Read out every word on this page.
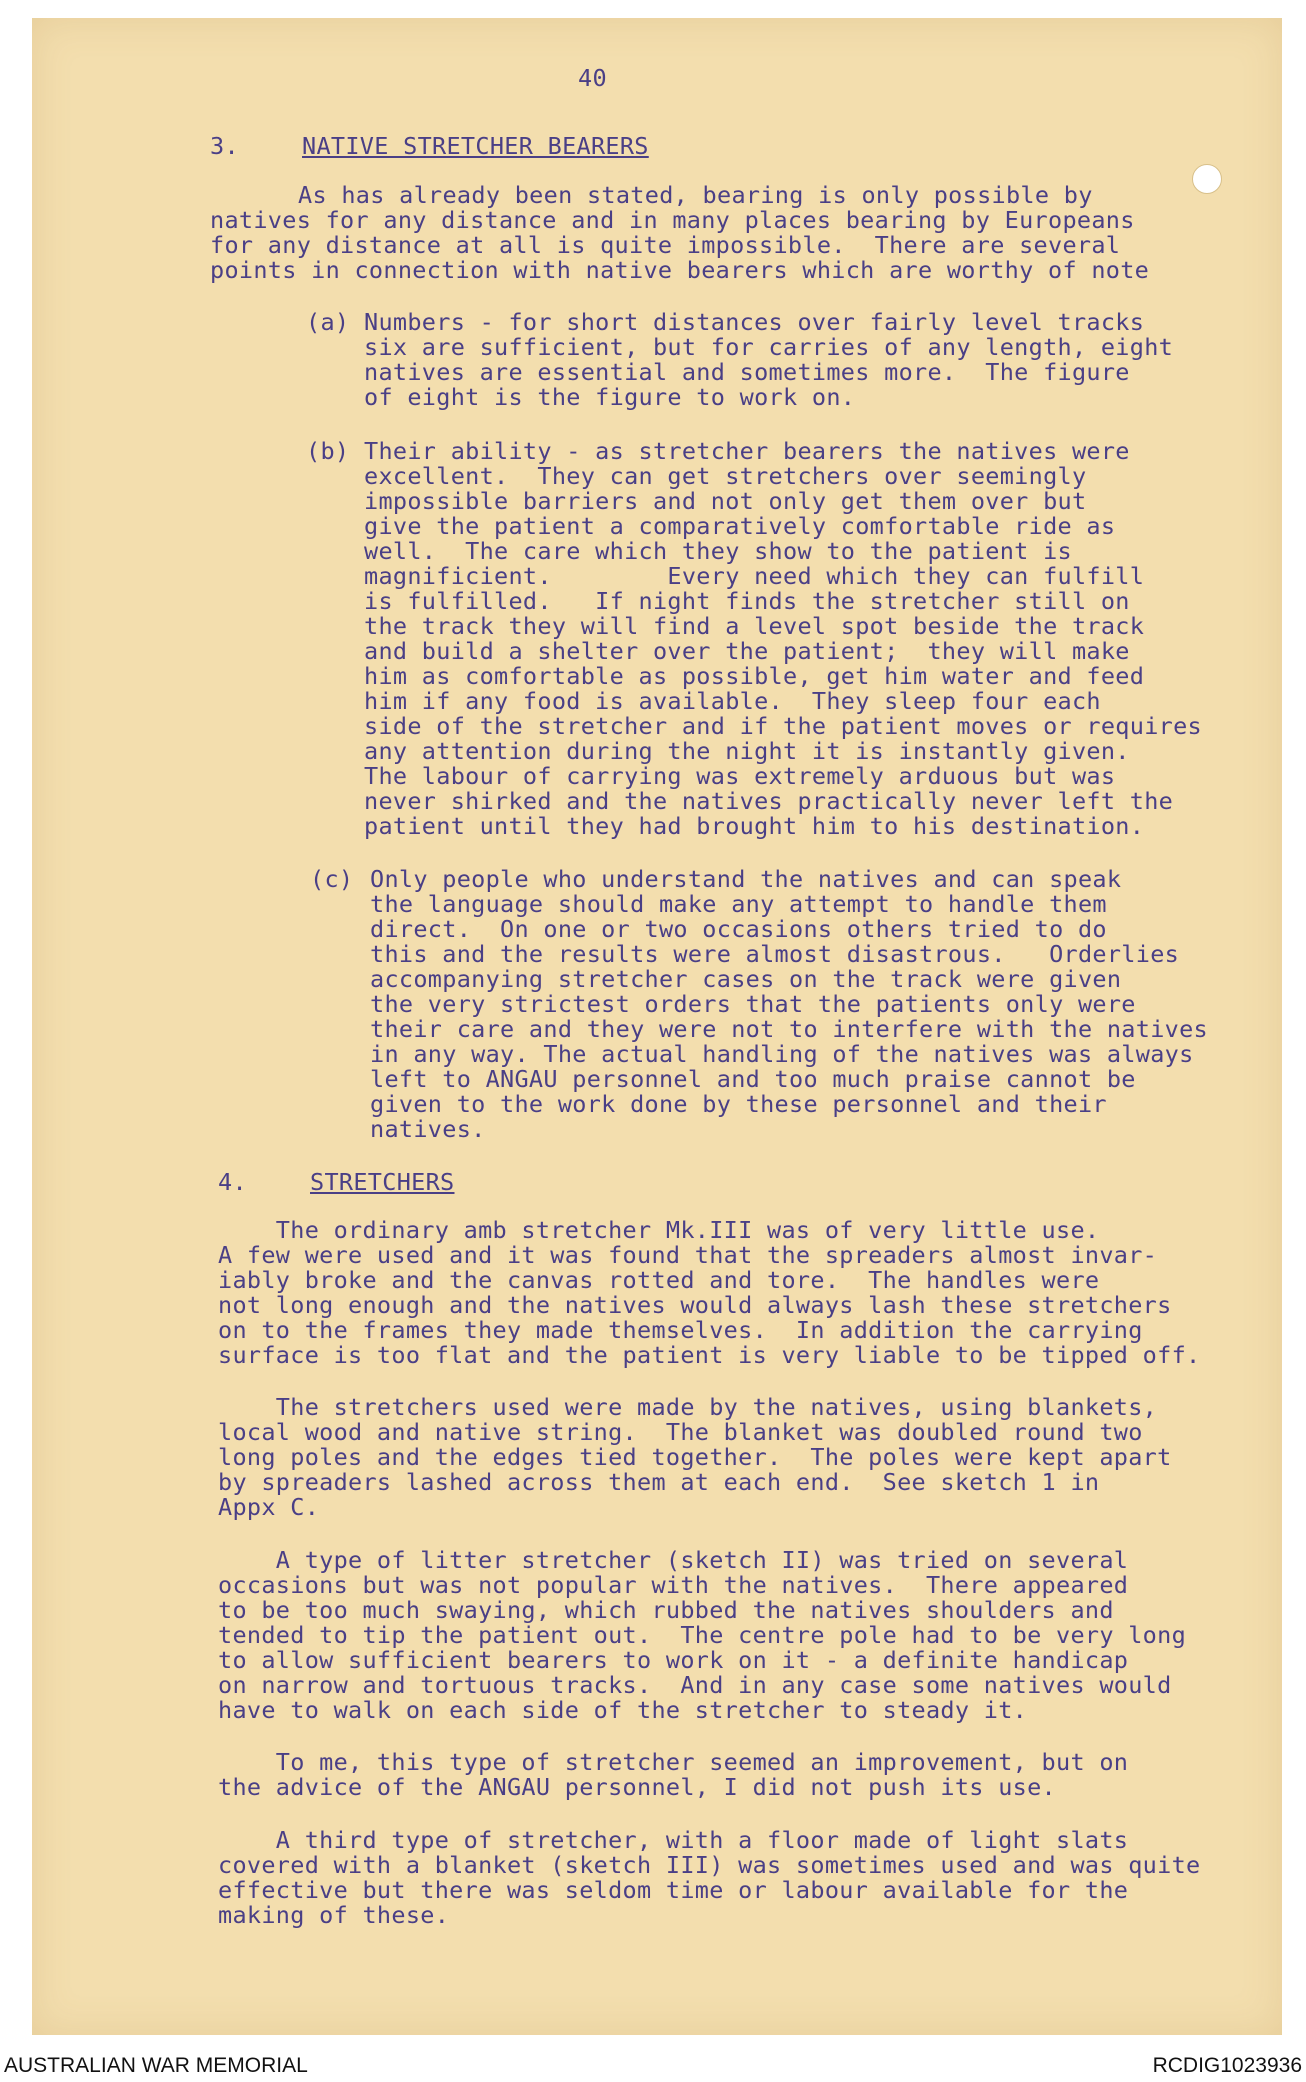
40
3.	NATIVE STRETCHER BEARERS
As has already been stated, bearing is only possible by
natives for any distance and in many places bearing by Europeans
for any distance at all is quite impossible.  There are several
points in connection with native bearers which are worthy of note
(a) Numbers - for short distances over fairly level tracks
six are sufficient, but for carries of any length, eight
natives are essential and sometimes more.  The figure
of eight is the figure to work on.
(b) Their ability - as stretcher bearers the natives were
excellent.  They can get stretchers over seemingly
impossible barriers and not only get them over but
give the patient a comparatively comfortable ride as
well.  The care which they show to the patient is
magnificient.        Every need which they can fulfill
is fulfilled.   If night finds the stretcher still on
the track they will find a level spot beside the track
and build a shelter over the patient;  they will make
him as comfortable as possible, get him water and feed
him if any food is available.  They sleep four each
side of the stretcher and if the patient moves or requires
any attention during the night it is instantly given.
The labour of carrying was extremely arduous but was
never shirked and the natives practically never left the
patient until they had brought him to his destination.
(c) Only people who understand the natives and can speak
the language should make any attempt to handle them
direct.  On one or two occasions others tried to do
this and the results were almost disastrous.   Orderlies
accompanying stretcher cases on the track were given
the very strictest orders that the patients only were
their care and they were not to interfere with the natives
in any way. The actual handling of the natives was always
left to ANGAU personnel and too much praise cannot be
given to the work done by these personnel and their
natives.
4.	STRETCHERS
The ordinary amb stretcher Mk.III was of very little use.
A few were used and it was found that the spreaders almost invar-
iably broke and the canvas rotted and tore.  The handles were
not long enough and the natives would always lash these stretchers
on to the frames they made themselves.  In addition the carrying
surface is too flat and the patient is very liable to be tipped off.
The stretchers used were made by the natives, using blankets,
local wood and native string.  The blanket was doubled round two
long poles and the edges tied together.  The poles were kept apart
by spreaders lashed across them at each end.  See sketch 1 in
Appx C.
A type of litter stretcher (sketch II) was tried on several
occasions but was not popular with the natives.  There appeared
to be too much swaying, which rubbed the natives shoulders and
tended to tip the patient out.  The centre pole had to be very long
to allow sufficient bearers to work on it - a definite handicap
on narrow and tortuous tracks.  And in any case some natives would
have to walk on each side of the stretcher to steady it.
To me, this type of stretcher seemed an improvement, but on
the advice of the ANGAU personnel, I did not push its use.
A third type of stretcher, with a floor made of light slats
covered with a blanket (sketch III) was sometimes used and was quite
effective but there was seldom time or labour available for the
making of these.
AUSTRALIAN WAR MEMORIAL	RCDIG1023936
